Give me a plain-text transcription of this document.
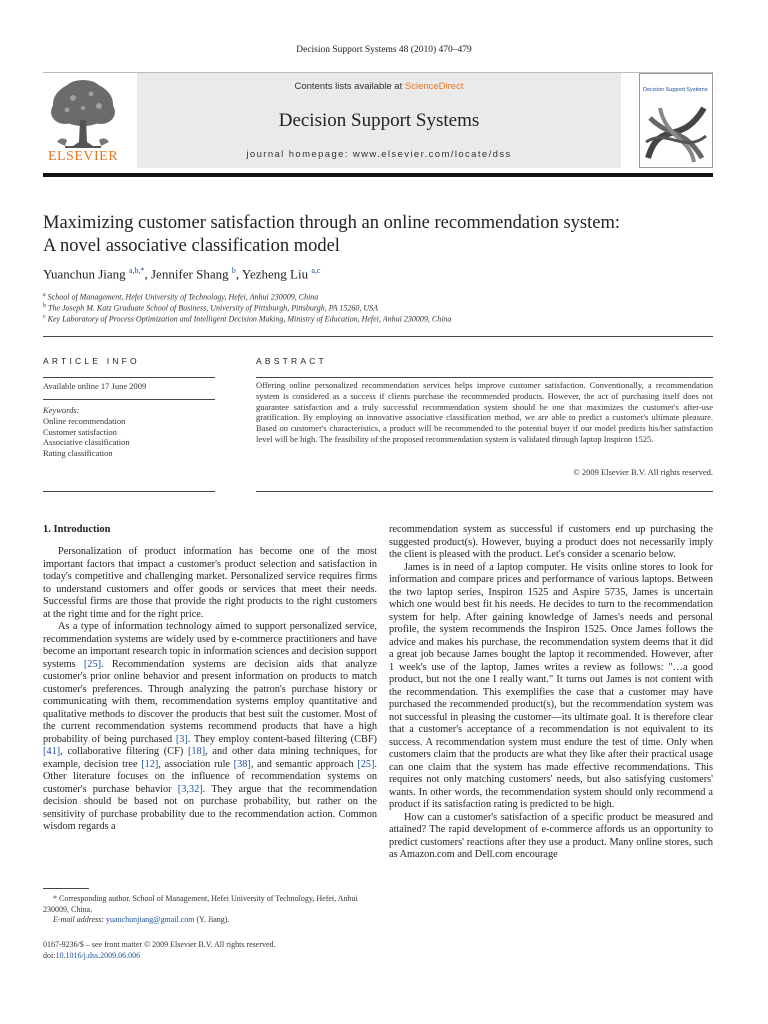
Decision Support Systems 48 (2010) 470–479
ELSEVIER
Contents lists available at ScienceDirect
Decision Support Systems
journal homepage: www.elsevier.com/locate/dss
Decision Support Systems
Maximizing customer satisfaction through an online recommendation system:
A novel associative classification model
Yuanchun Jiang $^{a,b,*}$, Jennifer Shang $^b$, Yezheng Liu $^{a,c}$
$^a$ School of Management, Hefei University of Technology, Hefei, Anhui 230009, China
$^b$ The Joseph M. Katz Graduate School of Business, University of Pittsburgh, Pittsburgh, PA 15260, USA
$^c$ Key Laboratory of Process Optimization and Intelligent Decision Making, Ministry of Education, Hefei, Anhui 230009, China
ARTICLE INFO
Available online 17 June 2009
Keywords:
Online recommendation
Customer satisfaction
Associative classification
Rating classification
ABSTRACT
Offering online personalized recommendation services helps improve customer satisfaction. Conventionally, a recommendation system is considered as a success if clients purchase the recommended products. However, the act of purchasing itself does not guarantee satisfaction and a truly successful recommendation system should be one that maximizes the customer's after-use gratification. By employing an innovative associative classification method, we are able to predict a customer's ultimate pleasure. Based on customer's characteristics, a product will be recommended to the potential buyer if our model predicts his/her satisfaction level will be high. The feasibility of the proposed recommendation system is validated through laptop Inspiron 1525.
© 2009 Elsevier B.V. All rights reserved.
1. Introduction

Personalization of product information has become one of the most important factors that impact a customer's product selection and satisfaction in today's competitive and challenging market. Personalized service requires firms to understand customers and offer goods or services that meet their needs. Successful firms are those that provide the right products to the right customers at the right time and for the right price.

As a type of information technology aimed to support personalized service, recommendation systems are widely used by e-commerce practitioners and have become an important research topic in information sciences and decision support systems [25]. Recommendation systems are decision aids that analyze customer's prior online behavior and present information on products to match customer's preferences. Through analyzing the patron's purchase history or communicating with them, recommendation systems employ quantitative and qualitative methods to discover the products that best suit the customer. Most of the current recommendation systems recommend products that have a high probability of being purchased [3]. They employ content-based filtering (CBF) [41], collaborative filtering (CF) [18], and other data mining techniques, for example, decision tree [12], association rule [38], and semantic approach [25]. Other literature focuses on the influence of recommendation systems on customer's purchase behavior [3,32]. They argue that the recommendation decision should be based not on purchase probability, but rather on the sensitivity of purchase probability due to the recommendation action. Common wisdom regards a

recommendation system as successful if customers end up purchasing the suggested product(s). However, buying a product does not necessarily imply the client is pleased with the product. Let's consider a scenario below.

James is in need of a laptop computer. He visits online stores to look for information and compare prices and performance of various laptops. Between the two laptop series, Inspiron 1525 and Aspire 5735, James is uncertain which one would best fit his needs. He decides to turn to the recommendation system for help. After gaining knowledge of James's needs and personal profile, the system recommends the Inspiron 1525. Once James follows the advice and makes his purchase, the recommendation system deems that it did a great job because James bought the laptop it recommended. However, after 1 week's use of the laptop, James writes a review as follows: "…a good product, but not the one I really want." It turns out James is not content with the recommendation. This exemplifies the case that a customer may have purchased the recommended product(s), but the recommendation system was not successful in pleasing the customer—its ultimate goal. It is therefore clear that a customer's acceptance of a recommendation is not equivalent to its success. A recommendation system must endure the test of time. Only when customers claim that the products are what they like after their practical usage can one claim that the system has made effective recommendations. This requires not only matching customers' needs, but also satisfying customers' wants. In other words, the recommendation system should only recommend a product if its satisfaction rating is predicted to be high.

How can a customer's satisfaction of a specific product be measured and attained? The rapid development of e-commerce affords us an opportunity to predict customers' reactions after they use a product. Many online stores, such as Amazon.com and Dell.com encourage

* Corresponding author. School of Management, Hefei University of Technology, Hefei, Anhui 230009, China.
E-mail address: yuanchunjiang@gmail.com (Y. Jiang).
0167-9236/$ – see front matter © 2009 Elsevier B.V. All rights reserved.
doi:10.1016/j.dss.2009.06.006
